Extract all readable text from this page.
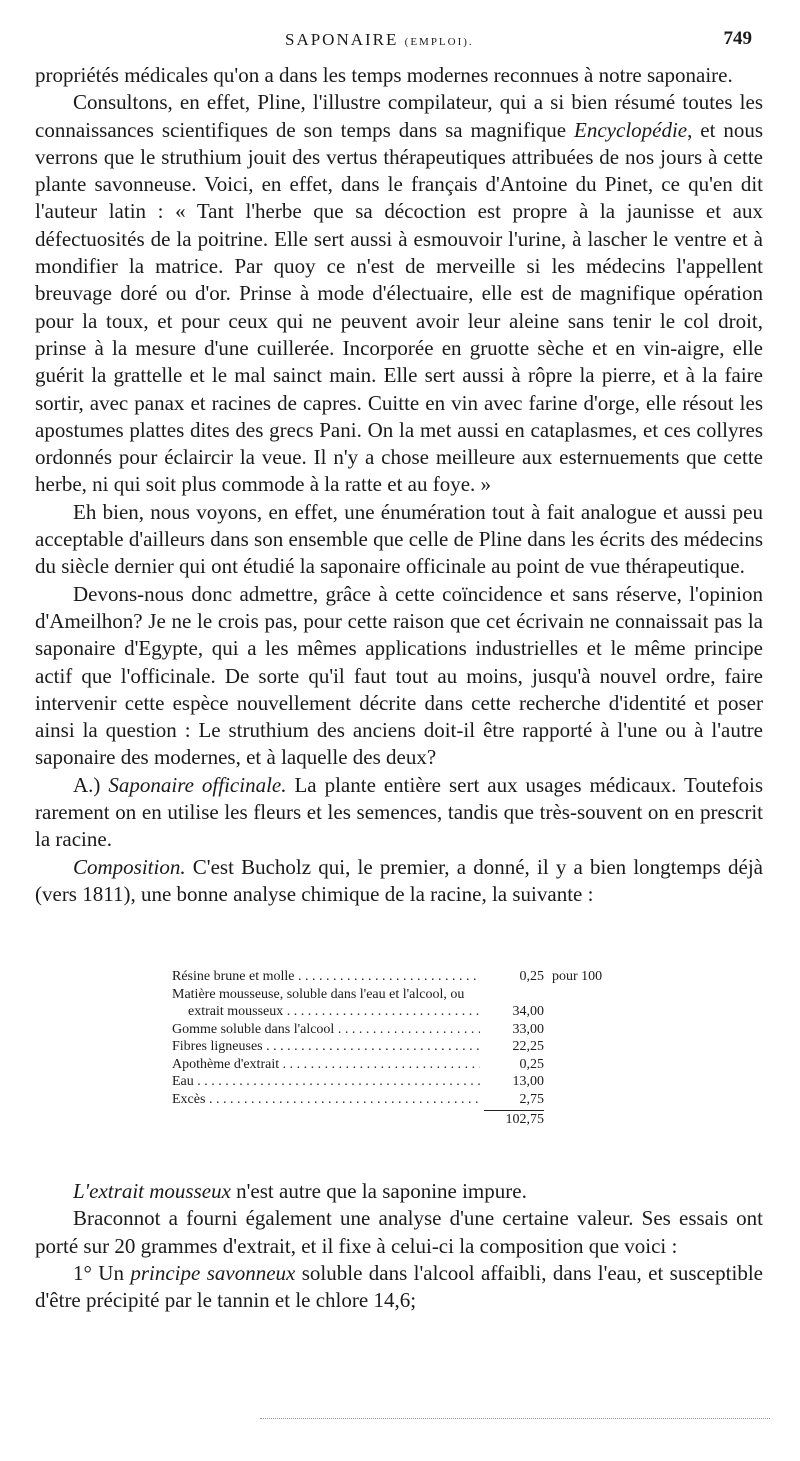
SAPONAIRE (EMPLOI).	749

propriétés médicales qu'on a dans les temps modernes reconnues à notre saponaire.

Consultons, en effet, Pline, l'illustre compilateur, qui a si bien résumé toutes les connaissances scientifiques de son temps dans sa magnifique Encyclopédie, et nous verrons que le struthium jouit des vertus thérapeutiques attribuées de nos jours à cette plante savonneuse. Voici, en effet, dans le français d'Antoine du Pinet, ce qu'en dit l'auteur latin : « Tant l'herbe que sa décoction est propre à la jaunisse et aux défectuosités de la poitrine. Elle sert aussi à esmouvoir l'urine, à lascher le ventre et à mondifier la matrice. Par quoy ce n'est de merveille si les médecins l'appellent breuvage doré ou d'or. Prinse à mode d'électuaire, elle est de magnifique opération pour la toux, et pour ceux qui ne peuvent avoir leur aleine sans tenir le col droit, prinse à la mesure d'une cuillerée. Incorporée en gruotte sèche et en vin-aigre, elle guérit la grattelle et le mal sainct main. Elle sert aussi à rôpre la pierre, et à la faire sortir, avec panax et racines de capres. Cuitte en vin avec farine d'orge, elle résout les apostumes plattes dites des grecs Pani. On la met aussi en cataplasmes, et ces collyres ordonnés pour éclaircir la veue. Il n'y a chose meilleure aux esternuements que cette herbe, ni qui soit plus commode à la ratte et au foye. »

Eh bien, nous voyons, en effet, une énumération tout à fait analogue et aussi peu acceptable d'ailleurs dans son ensemble que celle de Pline dans les écrits des médecins du siècle dernier qui ont étudié la saponaire officinale au point de vue thérapeutique.

Devons-nous donc admettre, grâce à cette coïncidence et sans réserve, l'opinion d'Ameilhon? Je ne le crois pas, pour cette raison que cet écrivain ne connaissait pas la saponaire d'Egypte, qui a les mêmes applications industrielles et le même principe actif que l'officinale. De sorte qu'il faut tout au moins, jusqu'à nouvel ordre, faire intervenir cette espèce nouvellement décrite dans cette recherche d'identité et poser ainsi la question : Le struthium des anciens doit-il être rapporté à l'une ou à l'autre saponaire des modernes, et à laquelle des deux?

A.) Saponaire officinale. La plante entière sert aux usages médicaux. Toutefois rarement on en utilise les fleurs et les semences, tandis que très-souvent on en prescrit la racine.

Composition. C'est Bucholz qui, le premier, a donné, il y a bien longtemps déjà (vers 1811), une bonne analyse chimique de la racine, la suivante :

Résine brune et molle . . .	0,25 pour 100
Matière mousseuse, soluble dans l'eau et l'alcool, ou
extrait mousseux . . .	34,00
Gomme soluble dans l'alcool . . .	33,00
Fibres ligneuses . . .	22,25
Apothème d'extrait . . .	0,25
Eau . . .	13,00
Excès . . .	2,75
102,75

L'extrait mousseux n'est autre que la saponine impure.

Braconnot a fourni également une analyse d'une certaine valeur. Ses essais ont porté sur 20 grammes d'extrait, et il fixe à celui-ci la composition que voici :

1° Un principe savonneux soluble dans l'alcool affaibli, dans l'eau, et susceptible d'être précipité par le tannin et le chlore 14,6;
